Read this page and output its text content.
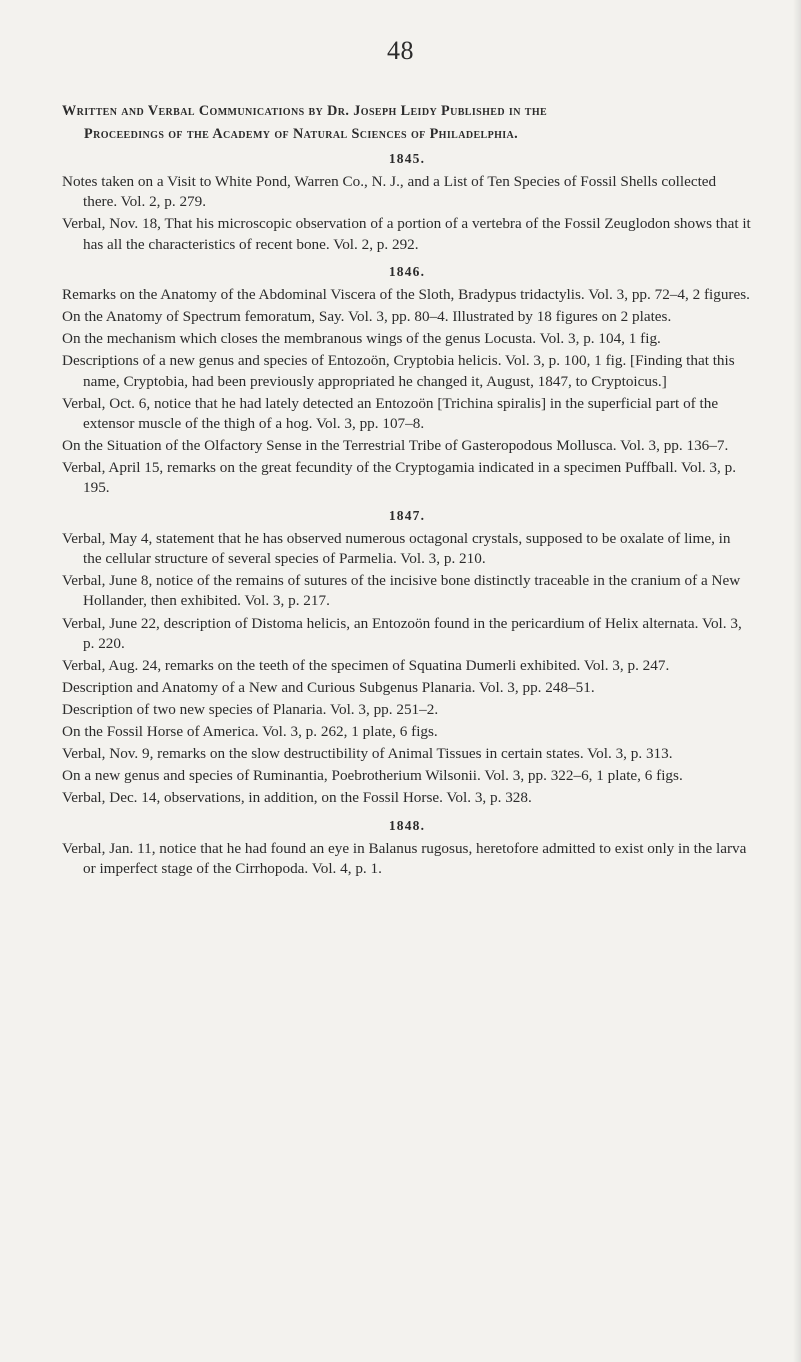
48
Written and Verbal Communications by Dr. Joseph Leidy Published in the
Proceedings of the Academy of Natural Sciences of Philadelphia.
1845.

Notes taken on a Visit to White Pond, Warren Co., N. J., and a List of Ten Species of Fossil Shells collected there. Vol. 2, p. 279.

Verbal, Nov. 18, That his microscopic observation of a portion of a vertebra of the Fossil Zeuglodon shows that it has all the characteristics of recent bone. Vol. 2, p. 292.

1846.

Remarks on the Anatomy of the Abdominal Viscera of the Sloth, Bradypus tridactylis. Vol. 3, pp. 72–4, 2 figures.

On the Anatomy of Spectrum femoratum, Say. Vol. 3, pp. 80–4. Illustrated by 18 figures on 2 plates.

On the mechanism which closes the membranous wings of the genus Locusta. Vol. 3, p. 104, 1 fig.

Descriptions of a new genus and species of Entozoön, Cryptobia helicis. Vol. 3, p. 100, 1 fig. [Finding that this name, Cryptobia, had been previously appropriated he changed it, August, 1847, to Cryptoicus.]

Verbal, Oct. 6, notice that he had lately detected an Entozoön [Trichina spiralis] in the superficial part of the extensor muscle of the thigh of a hog. Vol. 3, pp. 107–8.

On the Situation of the Olfactory Sense in the Terrestrial Tribe of Gasteropodous Mollusca. Vol. 3, pp. 136–7.

Verbal, April 15, remarks on the great fecundity of the Cryptogamia indicated in a specimen Puffball. Vol. 3, p. 195.

1847.

Verbal, May 4, statement that he has observed numerous octagonal crystals, supposed to be oxalate of lime, in the cellular structure of several species of Parmelia. Vol. 3, p. 210.

Verbal, June 8, notice of the remains of sutures of the incisive bone distinctly traceable in the cranium of a New Hollander, then exhibited. Vol. 3, p. 217.

Verbal, June 22, description of Distoma helicis, an Entozoön found in the pericardium of Helix alternata. Vol. 3, p. 220.

Verbal, Aug. 24, remarks on the teeth of the specimen of Squatina Dumerli exhibited. Vol. 3, p. 247.

Description and Anatomy of a New and Curious Subgenus Planaria. Vol. 3, pp. 248–51.

Description of two new species of Planaria. Vol. 3, pp. 251–2.

On the Fossil Horse of America. Vol. 3, p. 262, 1 plate, 6 figs.

Verbal, Nov. 9, remarks on the slow destructibility of Animal Tissues in certain states. Vol. 3, p. 313.

On a new genus and species of Ruminantia, Poebrotherium Wilsonii. Vol. 3, pp. 322–6, 1 plate, 6 figs.

Verbal, Dec. 14, observations, in addition, on the Fossil Horse. Vol. 3, p. 328.

1848.

Verbal, Jan. 11, notice that he had found an eye in Balanus rugosus, heretofore admitted to exist only in the larva or imperfect stage of the Cirrhopoda. Vol. 4, p. 1.
